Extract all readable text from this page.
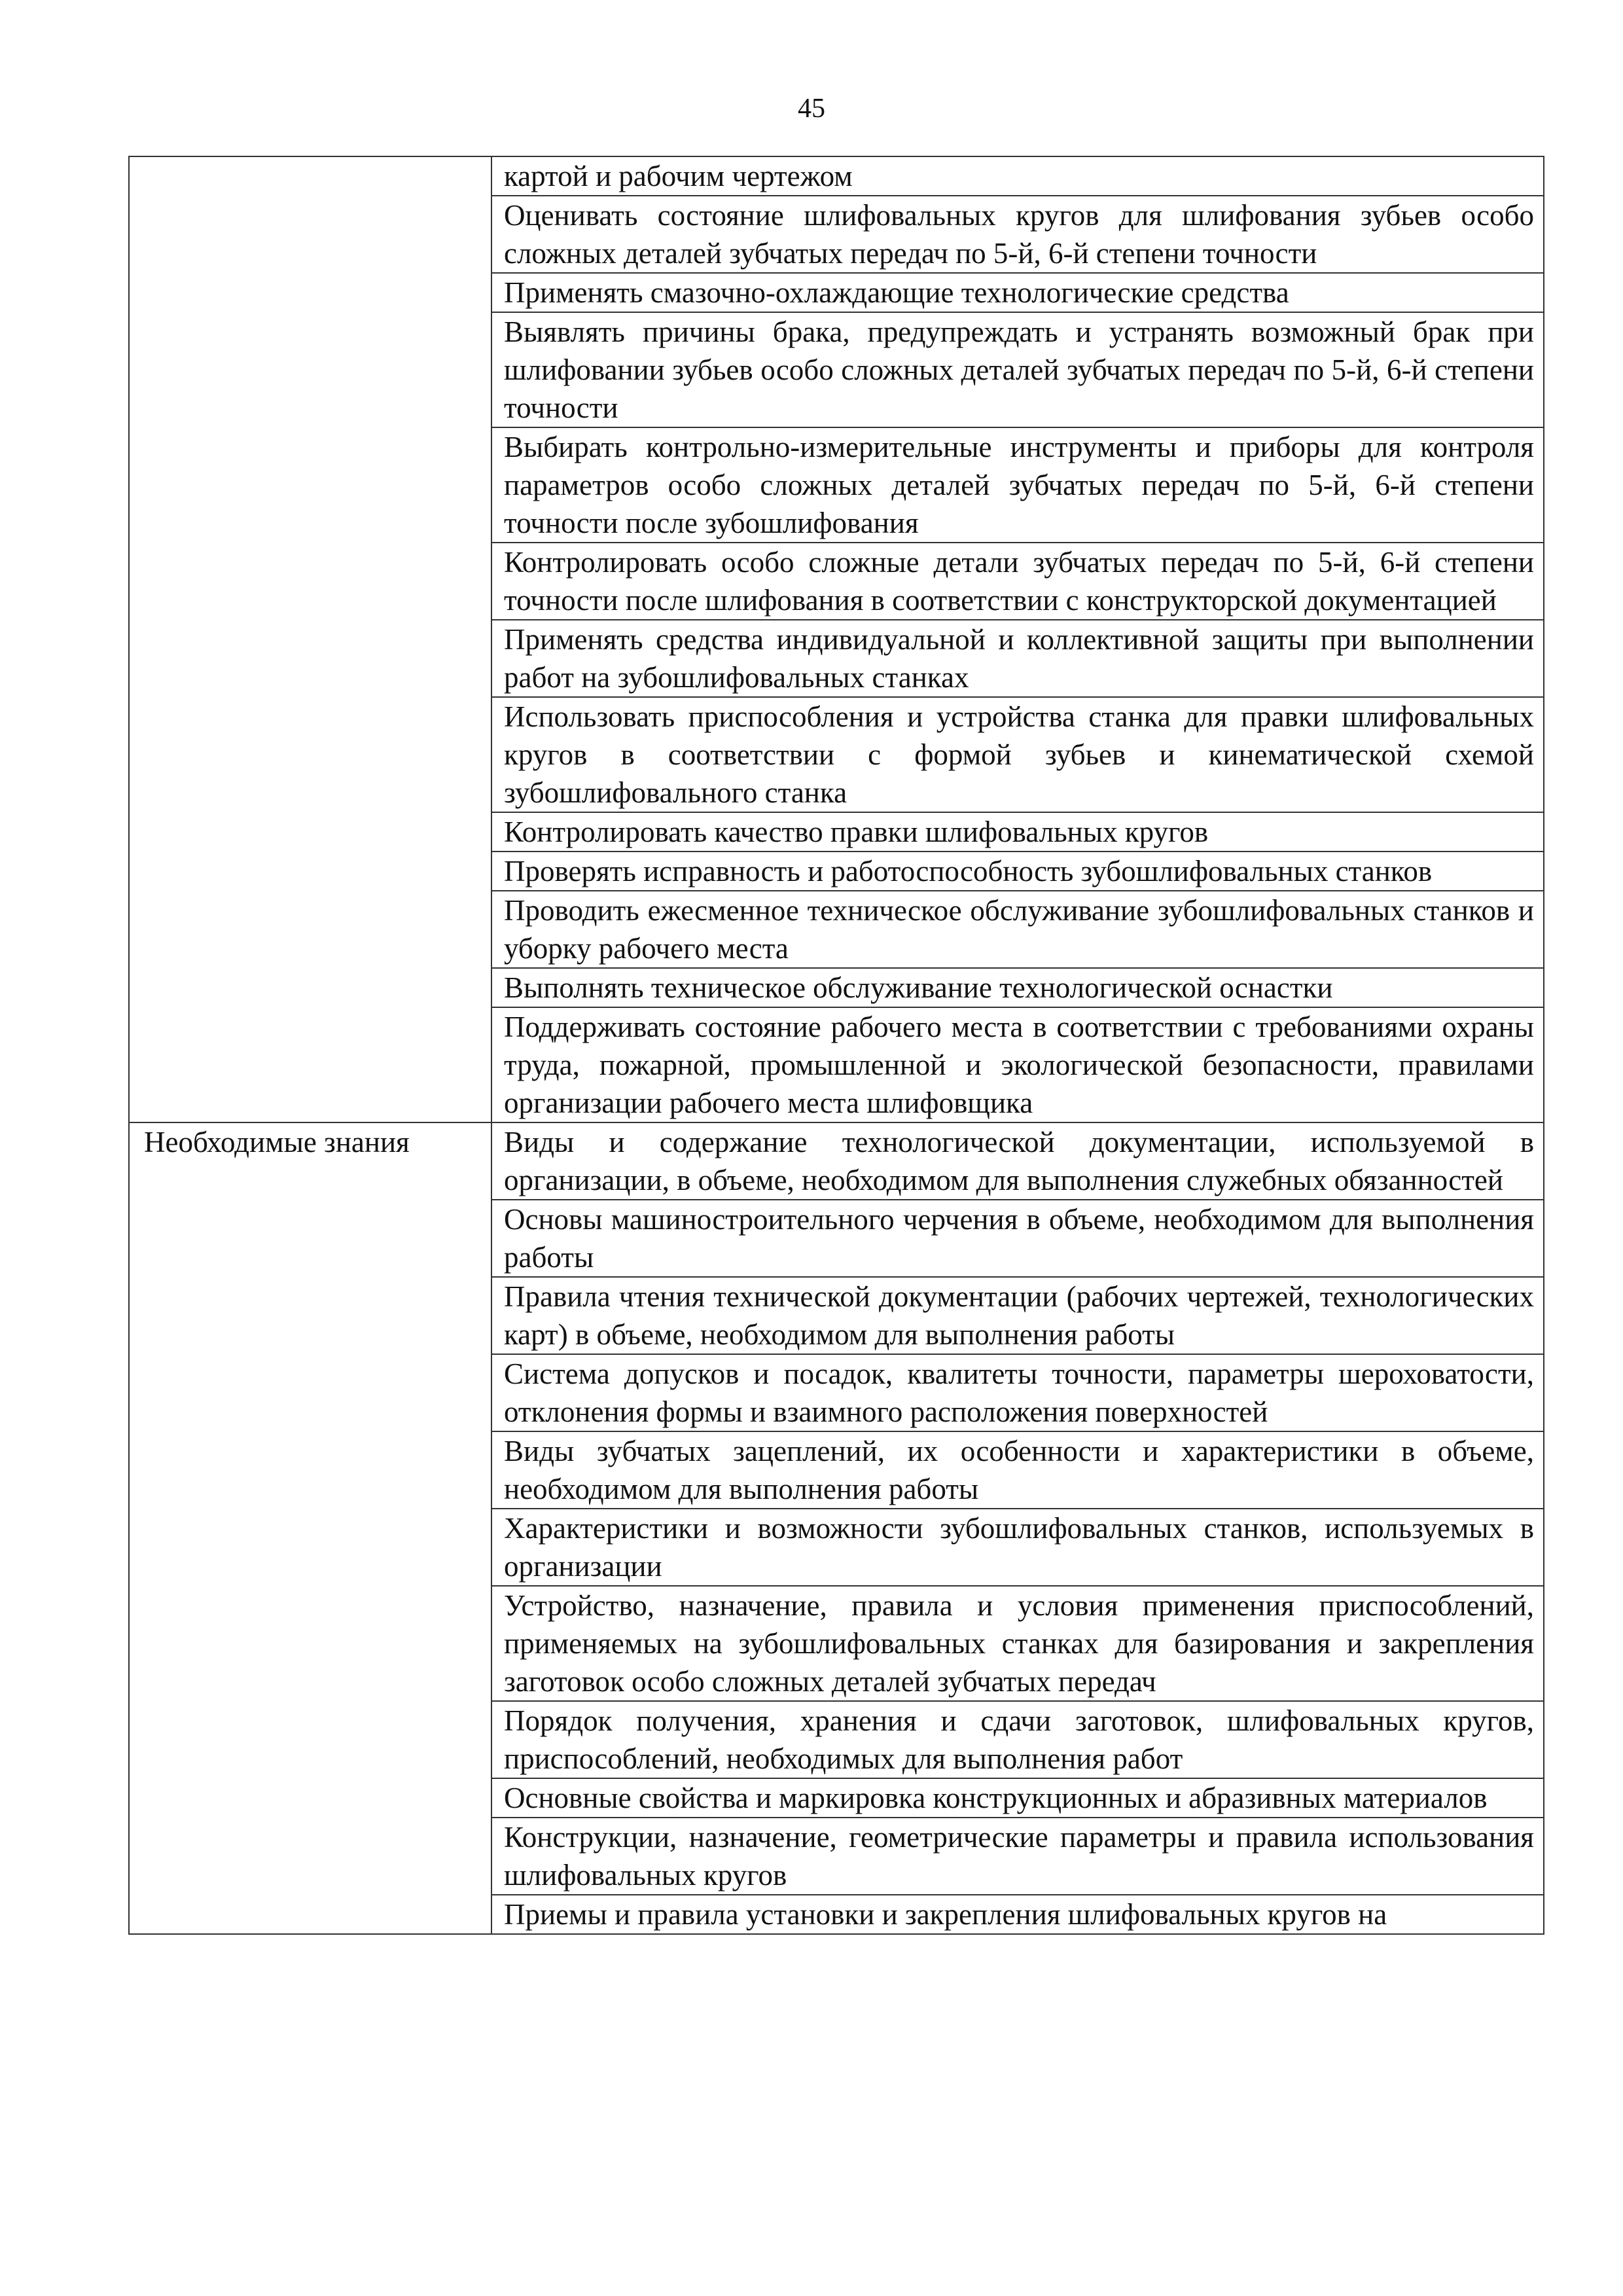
45
	картой и рабочим чертежом
	Оценивать состояние шлифовальных кругов для шлифования зубьев особо сложных деталей зубчатых передач по 5-й, 6-й степени точности
	Применять смазочно-охлаждающие технологические средства
	Выявлять причины брака, предупреждать и устранять возможный брак при шлифовании зубьев особо сложных деталей зубчатых передач по 5-й, 6-й степени точности
	Выбирать контрольно-измерительные инструменты и приборы для контроля параметров особо сложных деталей зубчатых передач по 5-й, 6-й степени точности после зубошлифования
	Контролировать особо сложные детали зубчатых передач по 5-й, 6-й степени точности после шлифования в соответствии с конструкторской документацией
	Применять средства индивидуальной и коллективной защиты при выполнении работ на зубошлифовальных станках
	Использовать приспособления и устройства станка для правки шлифовальных кругов в соответствии с формой зубьев и кинематической схемой зубошлифовального станка
	Контролировать качество правки шлифовальных кругов
	Проверять исправность и работоспособность зубошлифовальных станков
	Проводить ежесменное техническое обслуживание зубошлифовальных станков и уборку рабочего места
	Выполнять техническое обслуживание технологической оснастки
	Поддерживать состояние рабочего места в соответствии с требованиями охраны труда, пожарной, промышленной и экологической безопасности, правилами организации рабочего места шлифовщика
Необходимые знания	Виды и содержание технологической документации, используемой в организации, в объеме, необходимом для выполнения служебных обязанностей
	Основы машиностроительного черчения в объеме, необходимом для выполнения работы
	Правила чтения технической документации (рабочих чертежей, технологических карт) в объеме, необходимом для выполнения работы
	Система допусков и посадок, квалитеты точности, параметры шероховатости, отклонения формы и взаимного расположения поверхностей
	Виды зубчатых зацеплений, их особенности и характеристики в объеме, необходимом для выполнения работы
	Характеристики и возможности зубошлифовальных станков, используемых в организации
	Устройство, назначение, правила и условия применения приспособлений, применяемых на зубошлифовальных станках для базирования и закрепления заготовок особо сложных деталей зубчатых передач
	Порядок получения, хранения и сдачи заготовок, шлифовальных кругов, приспособлений, необходимых для выполнения работ
	Основные свойства и маркировка конструкционных и абразивных материалов
	Конструкции, назначение, геометрические параметры и правила использования шлифовальных кругов
	Приемы и правила установки и закрепления шлифовальных кругов на
